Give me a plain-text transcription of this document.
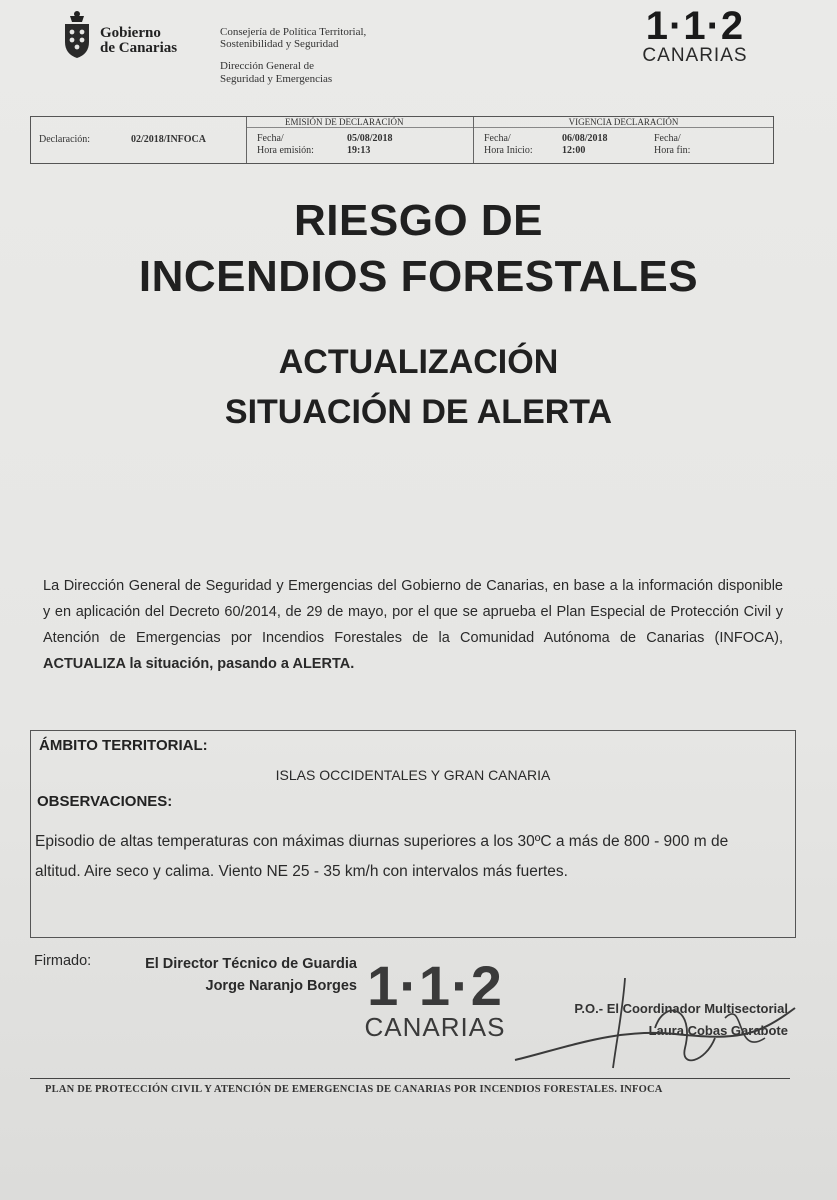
Gobierno
de Canarias
Consejería de Política Territorial,
Sostenibilidad y Seguridad
Dirección General de
Seguridad y Emergencias
1·1·2
CANARIAS
Declaración:	02/2018/INFOCA
EMISIÓN DE DECLARACIÓN
Fecha/	05/08/2018
Hora emisión:	19:13
VIGENCIA DECLARACIÓN
Fecha/	06/08/2018
Hora Inicio:	12:00
Fecha/
Hora fin:
RIESGO DE
INCENDIOS FORESTALES
ACTUALIZACIÓN
SITUACIÓN DE ALERTA
La Dirección General de Seguridad y Emergencias del Gobierno de Canarias, en base a la información disponible y en aplicación del Decreto 60/2014, de 29 de mayo, por el que se aprueba el Plan Especial de Protección Civil y Atención de Emergencias por Incendios Forestales de la Comunidad Autónoma de Canarias (INFOCA), ACTUALIZA la situación, pasando a ALERTA.
ÁMBITO TERRITORIAL:
ISLAS OCCIDENTALES Y GRAN CANARIA
OBSERVACIONES:
Episodio de altas temperaturas con máximas diurnas superiores a los 30ºC a más de 800 - 900 m de altitud. Aire seco y calima. Viento NE 25 - 35 km/h con intervalos más fuertes.
Firmado:	El Director Técnico de Guardia
Jorge Naranjo Borges 1·1·2
CANARIAS
P.O.- El Coordinador Multisectorial
Laura Cobas Garabote
PLAN DE PROTECCIÓN CIVIL Y ATENCIÓN DE EMERGENCIAS DE CANARIAS POR INCENDIOS FORESTALES. INFOCA
